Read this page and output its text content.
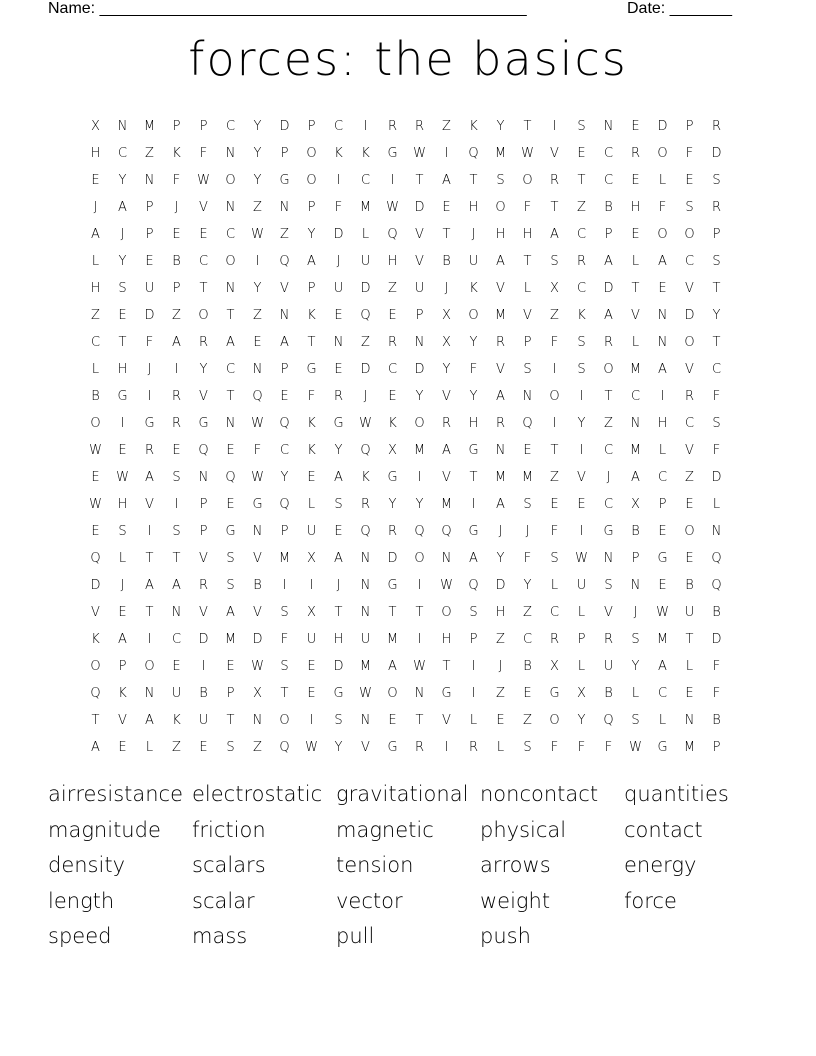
Name: ________________________________________________	Date: _______
forces: the basics
X	N	M	P	P	C	Y	D	P	C	I	R	R	Z	K	Y	T	I	S	N	E	D	P	R
H	C	Z	K	F	N	Y	P	O	K	K	G	W	I	Q	M	W	V	E	C	R	O	F	D
E	Y	N	F	W	O	Y	G	O	I	C	I	T	A	T	S	O	R	T	C	E	L	E	S
J	A	P	J	V	N	Z	N	P	F	M	W	D	E	H	O	F	T	Z	B	H	F	S	R
A	J	P	E	E	C	W	Z	Y	D	L	Q	V	T	J	H	H	A	C	P	E	O	O	P
L	Y	E	B	C	O	I	Q	A	J	U	H	V	B	U	A	T	S	R	A	L	A	C	S
H	S	U	P	T	N	Y	V	P	U	D	Z	U	J	K	V	L	X	C	D	T	E	V	T
Z	E	D	Z	O	T	Z	N	K	E	Q	E	P	X	O	M	V	Z	K	A	V	N	D	Y
C	T	F	A	R	A	E	A	T	N	Z	R	N	X	Y	R	P	F	S	R	L	N	O	T
L	H	J	I	Y	C	N	P	G	E	D	C	D	Y	F	V	S	I	S	O	M	A	V	C
B	G	I	R	V	T	Q	E	F	R	J	E	Y	V	Y	A	N	O	I	T	C	I	R	F
O	I	G	R	G	N	W	Q	K	G	W	K	O	R	H	R	Q	I	Y	Z	N	H	C	S
W	E	R	E	Q	E	F	C	K	Y	Q	X	M	A	G	N	E	T	I	C	M	L	V	F
E	W	A	S	N	Q	W	Y	E	A	K	G	I	V	T	M	M	Z	V	J	A	C	Z	D
W	H	V	I	P	E	G	Q	L	S	R	Y	Y	M	I	A	S	E	E	C	X	P	E	L
E	S	I	S	P	G	N	P	U	E	Q	R	Q	Q	G	J	J	F	I	G	B	E	O	N
Q	L	T	T	V	S	V	M	X	A	N	D	O	N	A	Y	F	S	W	N	P	G	E	Q
D	J	A	A	R	S	B	I	I	J	N	G	I	W	Q	D	Y	L	U	S	N	E	B	Q
V	E	T	N	V	A	V	S	X	T	N	T	T	O	S	H	Z	C	L	V	J	W	U	B
K	A	I	C	D	M	D	F	U	H	U	M	I	H	P	Z	C	R	P	R	S	M	T	D
O	P	O	E	I	E	W	S	E	D	M	A	W	T	I	J	B	X	L	U	Y	A	L	F
Q	K	N	U	B	P	X	T	E	G	W	O	N	G	I	Z	E	G	X	B	L	C	E	F
T	V	A	K	U	T	N	O	I	S	N	E	T	V	L	E	Z	O	Y	Q	S	L	N	B
A	E	L	Z	E	S	Z	Q	W	Y	V	G	R	I	R	L	S	F	F	F	W	G	M	P
airresistance electrostatic gravitational noncontact	quantities
magnitude	friction	magnetic	physical	contact
density	scalars	tension	arrows	energy
length	scalar	vector	weight	force
speed	mass	pull	push
